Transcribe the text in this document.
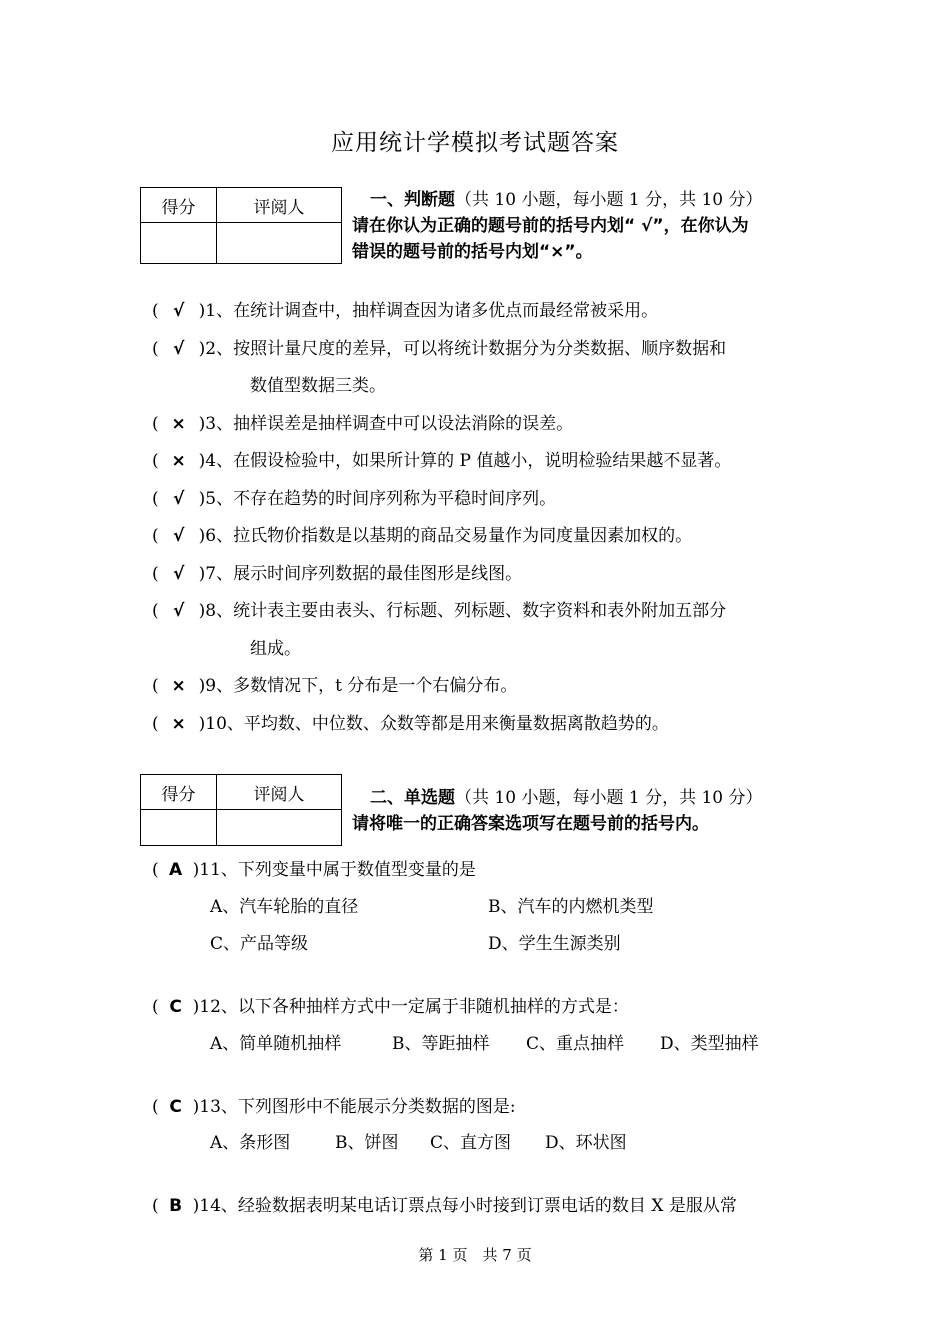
应用统计学模拟考试题答案
得分	评阅人
		一、判断题（共 10 小题，每小题 1 分，共 10 分）
请在你认为正确的题号前的括号内划“ √”，在你认为
错误的题号前的括号内划“×”。
( √ )1、在统计调查中，抽样调查因为诸多优点而最经常被采用。
( √ )2、按照计量尺度的差异，可以将统计数据分为分类数据、顺序数据和
数值型数据三类。
( × )3、抽样误差是抽样调查中可以设法消除的误差。
( × )4、在假设检验中，如果所计算的 P 值越小，说明检验结果越不显著。
( √ )5、不存在趋势的时间序列称为平稳时间序列。
( √ )6、拉氏物价指数是以基期的商品交易量作为同度量因素加权的。
( √ )7、展示时间序列数据的最佳图形是线图。
( √ )8、统计表主要由表头、行标题、列标题、数字资料和表外附加五部分
组成。
( × )9、多数情况下，t 分布是一个右偏分布。
( × )10、平均数、中位数、众数等都是用来衡量数据离散趋势的。
得分	评阅人
		二、单选题（共 10 小题，每小题 1 分，共 10 分）
请将唯一的正确答案选项写在题号前的括号内。
( A )11、下列变量中属于数值型变量的是
A、汽车轮胎的直径	B、汽车的内燃机类型
C、产品等级	D、学生生源类别
( C )12、以下各种抽样方式中一定属于非随机抽样的方式是：
A、简单随机抽样	B、等距抽样 C、重点抽样 D、类型抽样
( C )13、下列图形中不能展示分类数据的图是:
A、条形图	B、饼图 C、直方图 D、环状图
( B )14、经验数据表明某电话订票点每小时接到订票电话的数目 X 是服从常
第 1 页　共 7 页
